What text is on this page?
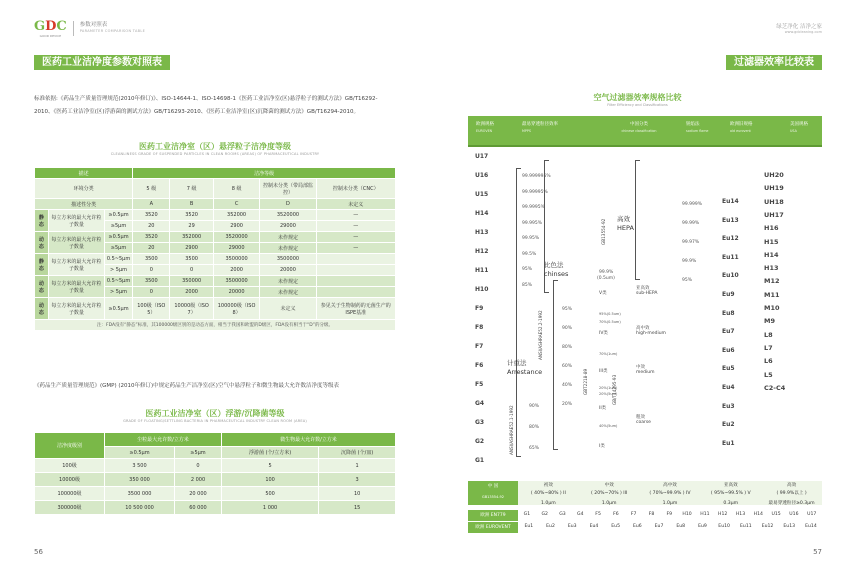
GDC
GOOD DEVICE
参数对照表
PARAMETER COMPARISON TABLE
医药工业洁净度参数对照表
标准依据:《药品生产质量管理规范(2010年修订)》、ISO-14644-1、ISO-14698-1《医药工业洁净室(区)悬浮粒子的测试方法》GB/T16292-2010、《医药工业洁净室(区)浮游菌的测试方法》GB/T16293-2010、《医药工业洁净室(区)沉降菌的测试方法》GB/T16294-2010。
医药工业洁净室（区）悬浮粒子洁净度等级
CLEANLINESS GRADE OF SUSPENDED PARTICLES IN CLEAN ROOMS (AREAS) OF PHARMACEUTICAL INDUSTRY
描述			洁净等级				
环境分类			5 级	7 级	8 级	控制未分类（带局部监控）	控制未分类（CNC）
描述性分类			A	B	C	D	未定义
静态	每立方米的最大允许粒子数量	≥0.5μm	3520	3520	352000	3520000	—
		≥5μm	20	29	2900	29000	—
动态	每立方米的最大允许粒子数量	≥0.5μm	3520	352000	3520000	未作规定	—
		≥5μm	20	2900	29000	未作规定	—
静态	每立方米的最大允许粒子数量	0.5~5μm	3500	3500	3500000	3500000	
		> 5μm	0	0	2000	20000	
动态	每立方米的最大允许粒子数量	0.5~5μm	3500	350000	3500000	未作规定	
		> 5μm	0	2000	20000	未作规定	
动态	每立方米的最大允许粒子数量	≥0.5μm	100级（ISO 5）	10000级（ISO 7）	100000级（ISO 8）	未定义	参见关于生物制药的无菌生产的ISPE基准
注：FDA没有“静态”标准，其100000级区别的是动态方面，相当于我国和欧盟的D级区，FDA没有相当于“D”的分级。							
《药品生产质量管理规范》(GMP) (2010年修订)中规定药品生产洁净室(区)空气中悬浮粒子和微生物最大允许数洁净度等级表
医药工业洁净室（区）浮游/沉降菌等级
GRADE OF FLOATING/SETTLING BACTERIA IN PHARMACEUTICAL INDUSTRY CLEAN ROOM (AREA)
洁净度级别	尘粒最大允许数/立方米		微生物最大允许数/立方米	
	≥0.5μm	≥5μm	浮游菌 (个/立方米)	沉降菌 (个/皿)
100级	3 500	0	5	1
10000级	350 000	2 000	100	3
100000级	3500 000	20 000	500	10
300000级	10 500 000	60 000	1 000	15
56
绿芝净化 洁净之家
www.gdcleaning.com
过滤器效率比较表
空气过滤器效率规格比较
Filter Efficiency and Classifications
欧洲规格
EUROVEN
最易穿透粒径效率
MPPS
中国分类
chinese classification
钠焰法
sodium flame
欧洲旧规格
old eurovent
美国规格
USA
U17
U16
U15
H14
H13
H12
H11
H10
F9
F8
F7
F6
F5
G4
G3
G2
G1
Eu14
Eu13
Eu12
Eu11
Eu10
Eu9
Eu8
Eu7
Eu6
Eu5
Eu4
Eu3
Eu2
Eu1
UH20
UH19
UH18
UH17
H16
H15
H14
H13
M12
M11
M10
M9
L8
L7
L6
L5
C2-C4
99.999995%
99.99995%
99.9995%
99.995%
99.95%
99.5%
95%
85%
99.999%
99.99%
99.97%
99.9%
95%
95%
90%
80%
60%
40%
20%
90%
80%
65%
GB13554-92
ANSI/ASHRAE52.2-1992
GB/T14295-93
GBT2218-89
ANSI/ASHRAE52.1-1992
高效
HEPA
比色法
chinses
计重法
Arrestance
亚高效
sub-HEPA
高中效
high-medium
中效
medium
粗效
coarse
99.9%
(0.5um)
V类
95%(0.5um)
70%(0.5um)
IV类
70%(1um)
III类
20%(1um)
20%(5um)
II类
40%(5um)
I类
中 国
GB13554-92
初效	中效	高中效	亚高效	高效
( 40%~80% ) II	( 20%~70% ) III	( 70%~99.9% ) IV	( 95%~99.5% ) V	( 99.9%以上 )
1.0μm	1.0μm	1.0μm	0.3μm	最易穿透粒径≥0.3μm
欧洲 EN779	G1	G2	G3	G4	F5	F6	F7	F8	F9	H10	H11	H12	H13	H14	U15	U16	U17
欧洲 EUROVENT	Eu1	Eu2	Eu3	Eu4	Eu5	Eu6	Eu7	Eu8	Eu9	Eu10	Eu11	Eu12	Eu13	Eu14
57
